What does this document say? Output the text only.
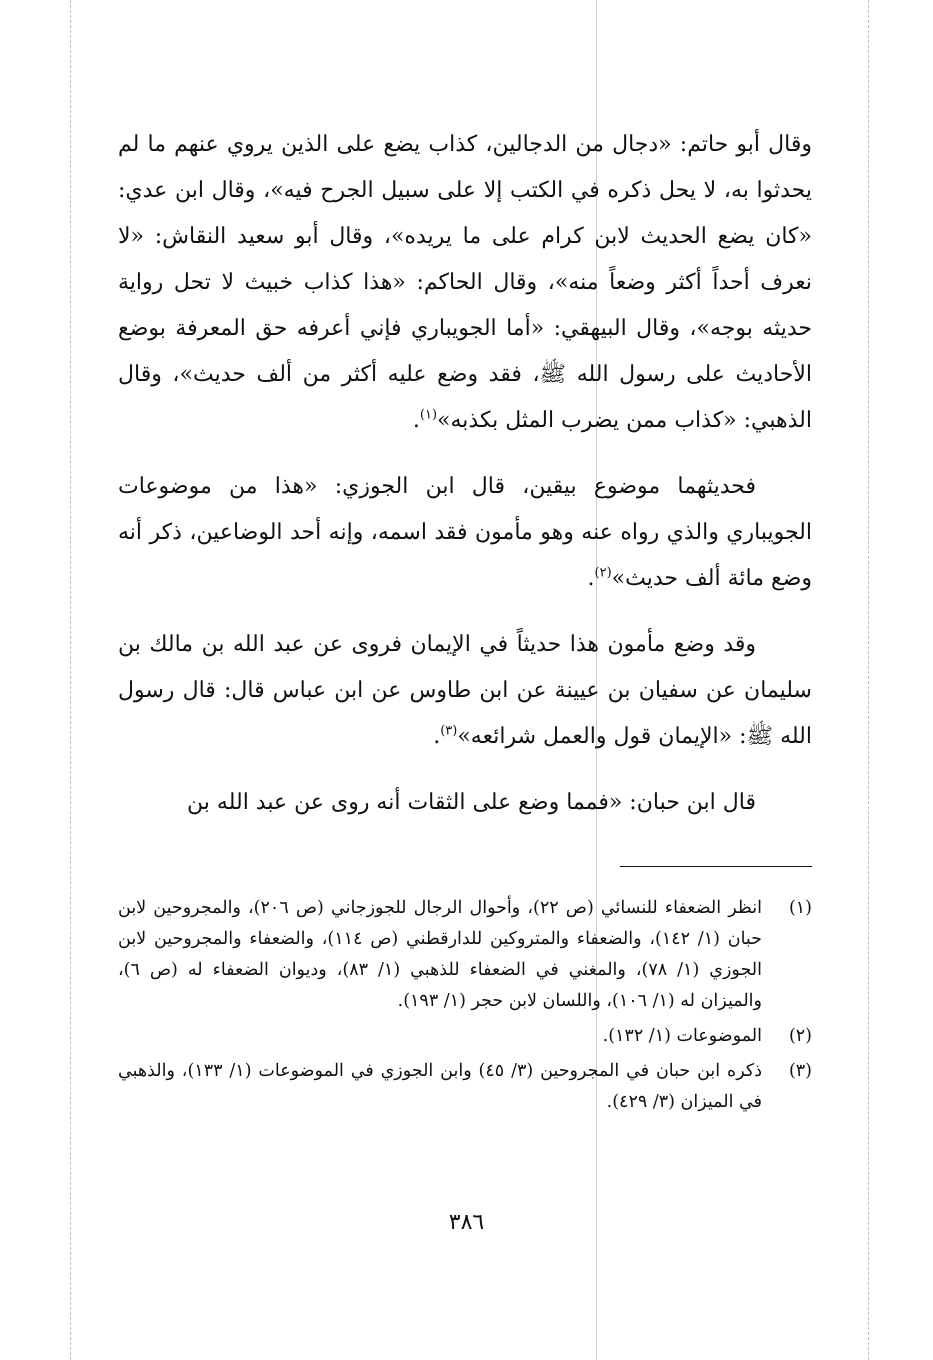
وقال أبو حاتم: «دجال من الدجالين، كذاب يضع على الذين يروي عنهم ما لم يحدثوا به، لا يحل ذكره في الكتب إلا على سبيل الجرح فيه»، وقال ابن عدي: «كان يضع الحديث لابن كرام على ما يريده»، وقال أبو سعيد النقاش: «لا نعرف أحداً أكثر وضعاً منه»، وقال الحاكم: «هذا كذاب خبيث لا تحل رواية حديثه بوجه»، وقال البيهقي: «أما الجويباري فإني أعرفه حق المعرفة بوضع الأحاديث على رسول الله ﷺ، فقد وضع عليه أكثر من ألف حديث»، وقال الذهبي: «كذاب ممن يضرب المثل بكذبه»$^{(١)}$.

فحديثهما موضوع بيقين، قال ابن الجوزي: «هذا من موضوعات الجويباري والذي رواه عنه وهو مأمون فقد اسمه، وإنه أحد الوضاعين، ذكر أنه وضع مائة ألف حديث»$^{(٢)}$.

وقد وضع مأمون هذا حديثاً في الإيمان فروى عن عبد الله بن مالك بن سليمان عن سفيان بن عيينة عن ابن طاوس عن ابن عباس قال: قال رسول الله ﷺ: «الإيمان قول والعمل شرائعه»$^{(٣)}$.

قال ابن حبان: «فمما وضع على الثقات أنه روى عن عبد الله بن

(١)
انظر الضعفاء للنسائي (ص ٢٢)، وأحوال الرجال للجوزجاني (ص ٢٠٦)، والمجروحين لابن حبان (١/ ١٤٢)، والضعفاء والمتروكين للدارقطني (ص ١١٤)، والضعفاء والمجروحين لابن الجوزي (١/ ٧٨)، والمغني في الضعفاء للذهبي (١/ ٨٣)، وديوان الضعفاء له (ص ٦)، والميزان له (١/ ١٠٦)، واللسان لابن حجر (١/ ١٩٣).
(٢)
الموضوعات (١/ ١٣٢).
(٣)
ذكره ابن حبان في المجروحين (٣/ ٤٥) وابن الجوزي في الموضوعات (١/ ١٣٣)، والذهبي في الميزان (٣/ ٤٢٩).
٣٨٦
